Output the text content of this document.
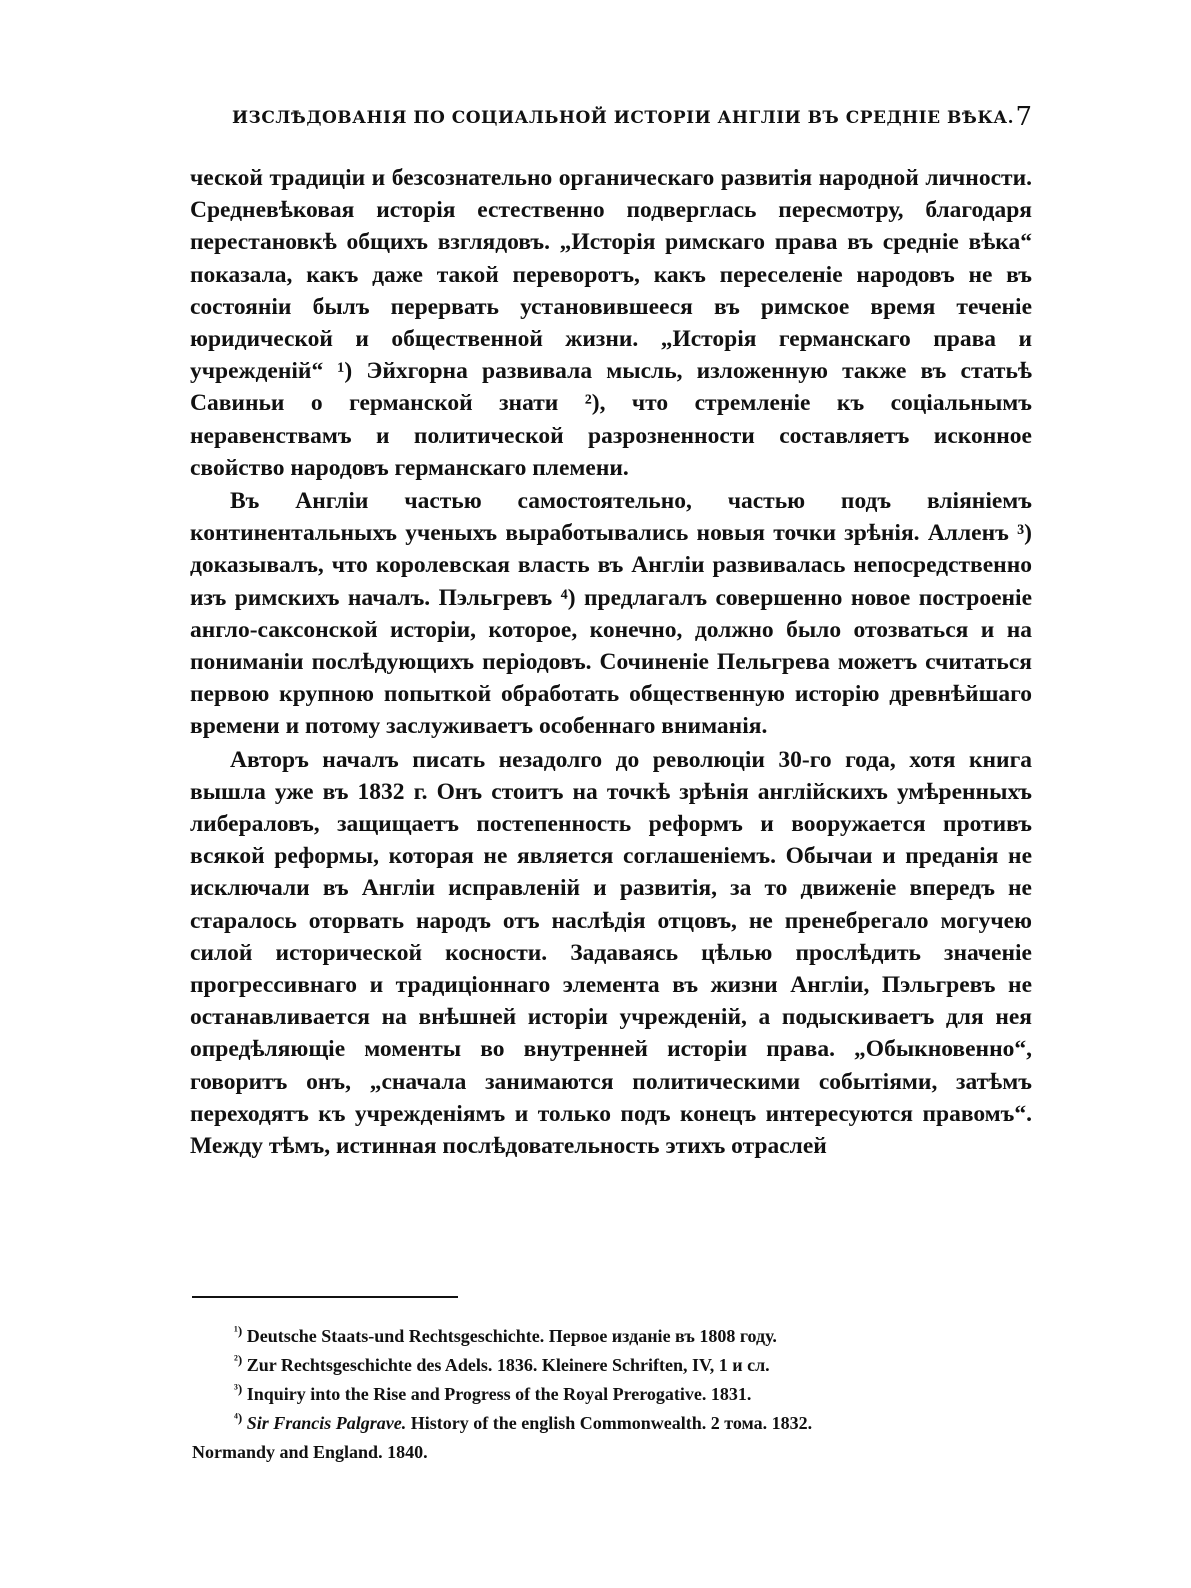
ИЗСЛѢДОВАНІЯ ПО СОЦИАЛЬНОЙ ИСТОРІИ АНГЛІИ ВЪ СРЕДНІЕ ВѢКА. 7

ческой традиціи и безсознательно органическаго развитія народной личности. Средневѣковая исторія естественно подверглась пересмотру, благодаря перестановкѣ общихъ взглядовъ. „Исторія римскаго права въ средніе вѣка“ показала, какъ даже такой переворотъ, какъ переселеніе народовъ не въ состояніи былъ перервать установившееся въ римское время теченіе юридической и общественной жизни. „Исторія германскаго права и учрежденій“ ¹) Эйхгорна развивала мысль, изложенную также въ статьѣ Савиньи о германской знати ²), что стремленіе къ соціальнымъ неравенствамъ и политической разрозненности составляетъ исконное свойство народовъ германскаго племени.

Въ Англіи частью самостоятельно, частью подъ вліяніемъ континентальныхъ ученыхъ выработывались новыя точки зрѣнія. Алленъ ³) доказывалъ, что королевская власть въ Англіи развивалась непосредственно изъ римскихъ началъ. Пэльгревъ ⁴) предлагалъ совершенно новое построеніе англо-саксонской исторіи, которое, конечно, должно было отозваться и на пониманіи послѣдующихъ періодовъ. Сочиненіе Пельгрева можетъ считаться первою крупною попыткой обработать общественную исторію древнѣйшаго времени и потому заслуживаетъ особеннаго вниманія.

Авторъ началъ писать незадолго до революціи 30-го года, хотя книга вышла уже въ 1832 г. Онъ стоитъ на точкѣ зрѣнія англійскихъ умѣренныхъ либераловъ, защищаетъ постепенность реформъ и вооружается противъ всякой реформы, которая не является соглашеніемъ. Обычаи и преданія не исключали въ Англіи исправленій и развитія, за то движеніе впередъ не старалось оторвать народъ отъ наслѣдія отцовъ, не пренебрегало могучею силой исторической косности. Задаваясь цѣлью прослѣдить значеніе прогрессивнаго и традиціоннаго элемента въ жизни Англіи, Пэльгревъ не останавливается на внѣшней исторіи учрежденій, а подыскиваетъ для нея опредѣляющіе моменты во внутренней исторіи права. „Обыкновенно“, говоритъ онъ, „сначала занимаются политическими событіями, затѣмъ переходятъ къ учрежденіямъ и только подъ конецъ интересуются правомъ“. Между тѣмъ, истинная послѣдовательность этихъ отраслей

$^{^1)}$ Deutsche Staats-und Rechtsgeschichte. Первое изданіе въ 1808 году.
$^{^2)}$ Zur Rechtsgeschichte des Adels. 1836. Kleinere Schriften, IV, 1 и сл.
$^{^3)}$ Inquiry into the Rise and Progress of the Royal Prerogative. 1831.
$^{^4)}$ Sir Francis Palgrave. History of the english Commonwealth. 2 тома. 1832.
Normandy and England. 1840.
